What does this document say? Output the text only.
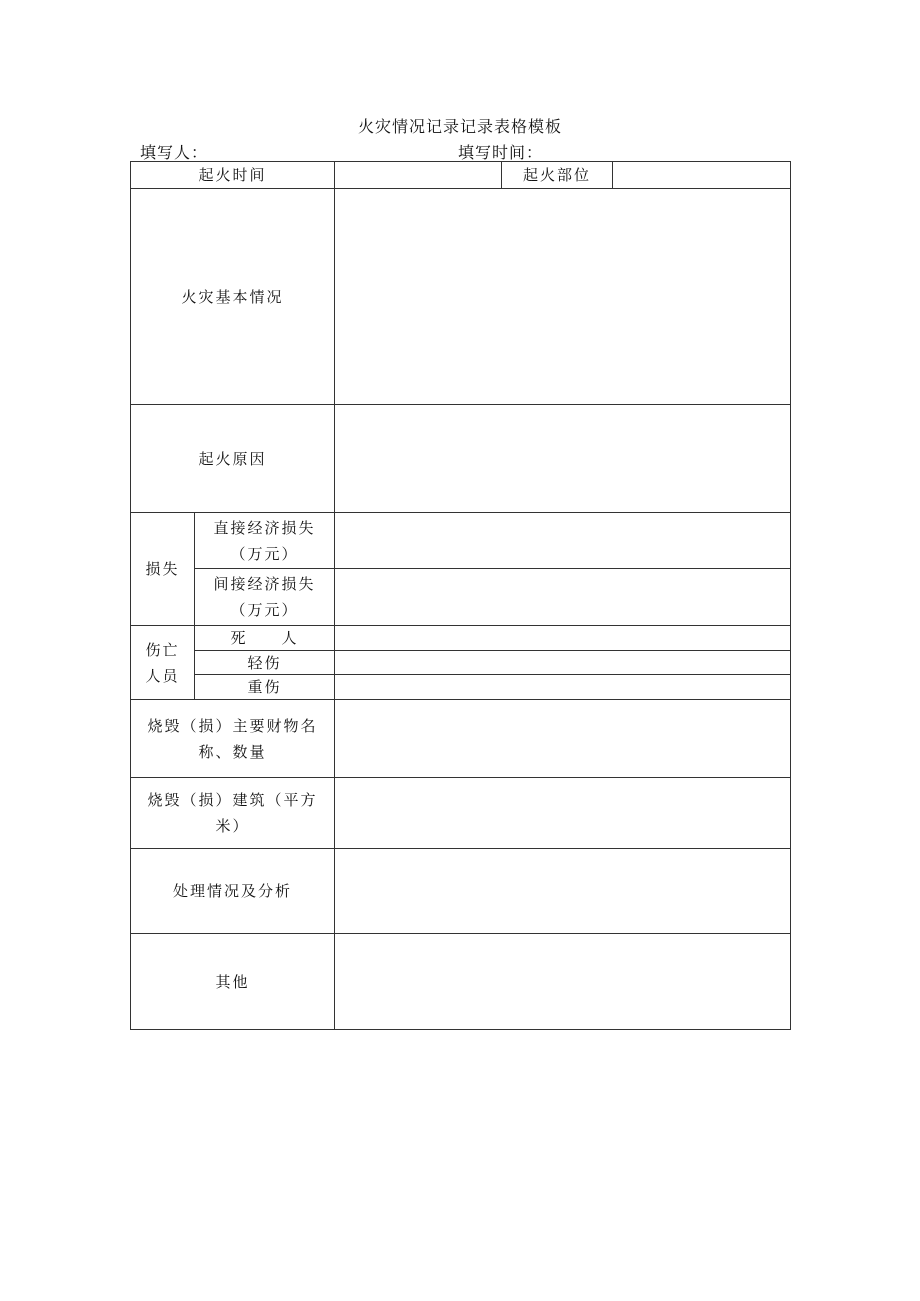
火灾情况记录记录表格模板
填写人：	填写时间：
起火时间			起火部位	
火灾基本情况				
起火原因				

损失	直接经济损失（万元）			

	间接经济损失（万元）			

伤亡人员	死　　人			
	轻伤			
	重伤			

烧毁（损）主要财物名称、数量				

烧毁（损）建筑（平方米）				

处理情况及分析				
其他				
